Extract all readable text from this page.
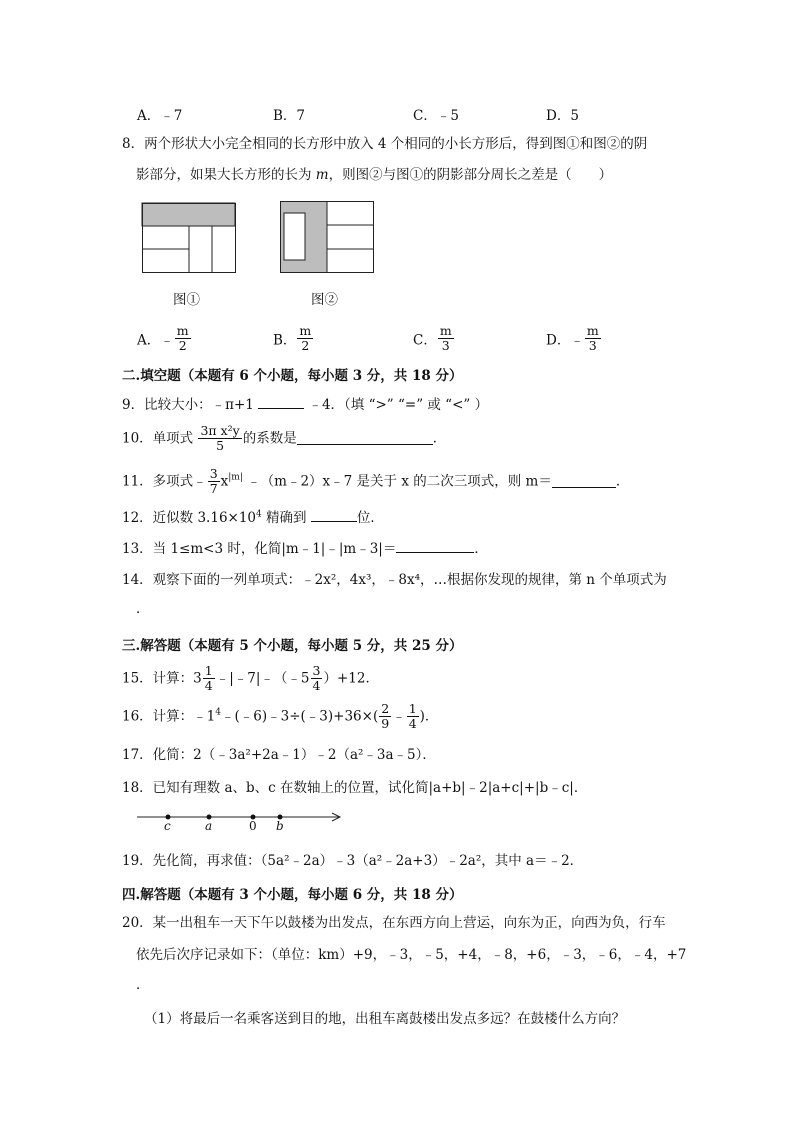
A．﹣7	B．7	C．﹣5	D．5
8．两个形状大小完全相同的长方形中放入 4 个相同的小长方形后，得到图①和图②的阴
影部分，如果大长方形的长为 m，则图②与图①的阴影部分周长之差是（　　）
图①	图②
A．﹣ $\frac{m}{2}$	B． $\frac{m}{2}$	C． $\frac{m}{3}$	D．﹣ $\frac{m}{3}$
二.填空题（本题有 6 个小题，每小题 3 分，共 18 分）
9．比较大小：﹣π+1	﹣4．（填 “>” “=” 或 “<” ）
10．单项式 $\frac{\text{3π x²y}}{5}$ 的系数是	．
11．多项式﹣ $\frac{3}{7} x^{|m|}$ ﹣（m﹣2）x﹣7 是关于 x 的二次三项式，则 m＝	．
12．近似数 $3.16\times 10^4$ 精确到	位．
13．当 1≤m<3 时，化简|m﹣1|﹣|m﹣3|＝	．
14．观察下面的一列单项式：﹣2x²，4x³，﹣8x⁴，…根据你发现的规律，第 n 个单项式为
．
三.解答题（本题有 5 个小题，每小题 5 分，共 25 分）
15．计算：$3 \frac{1}{4}$ ﹣|﹣7|﹣（﹣5 $\frac{3}{4} )+12$．
16．计算：$﹣1^4﹣(﹣6)﹣3\div(﹣3)+36\times( \frac{2}{9}$ ﹣ $\frac{1}{4}$ )．
17．化简：2（﹣3a²+2a﹣1）﹣2（a²﹣3a﹣5）．
18．已知有理数 a、b、c 在数轴上的位置，试化简|a+b|﹣2|a+c|+|b﹣c|．
c	a	0 b
19．先化简，再求值：（5a²﹣2a）﹣3（a²﹣2a+3）﹣2a²，其中 a＝﹣2．
四.解答题（本题有 3 个小题，每小题 6 分，共 18 分）
20．某一出租车一天下午以鼓楼为出发点，在东西方向上营运，向东为正，向西为负，行车
依先后次序记录如下：（单位：km）+9，﹣3，﹣5，+4，﹣8，+6，﹣3，﹣6，﹣4，+7
．
（1）将最后一名乘客送到目的地，出租车离鼓楼出发点多远？在鼓楼什么方向？
